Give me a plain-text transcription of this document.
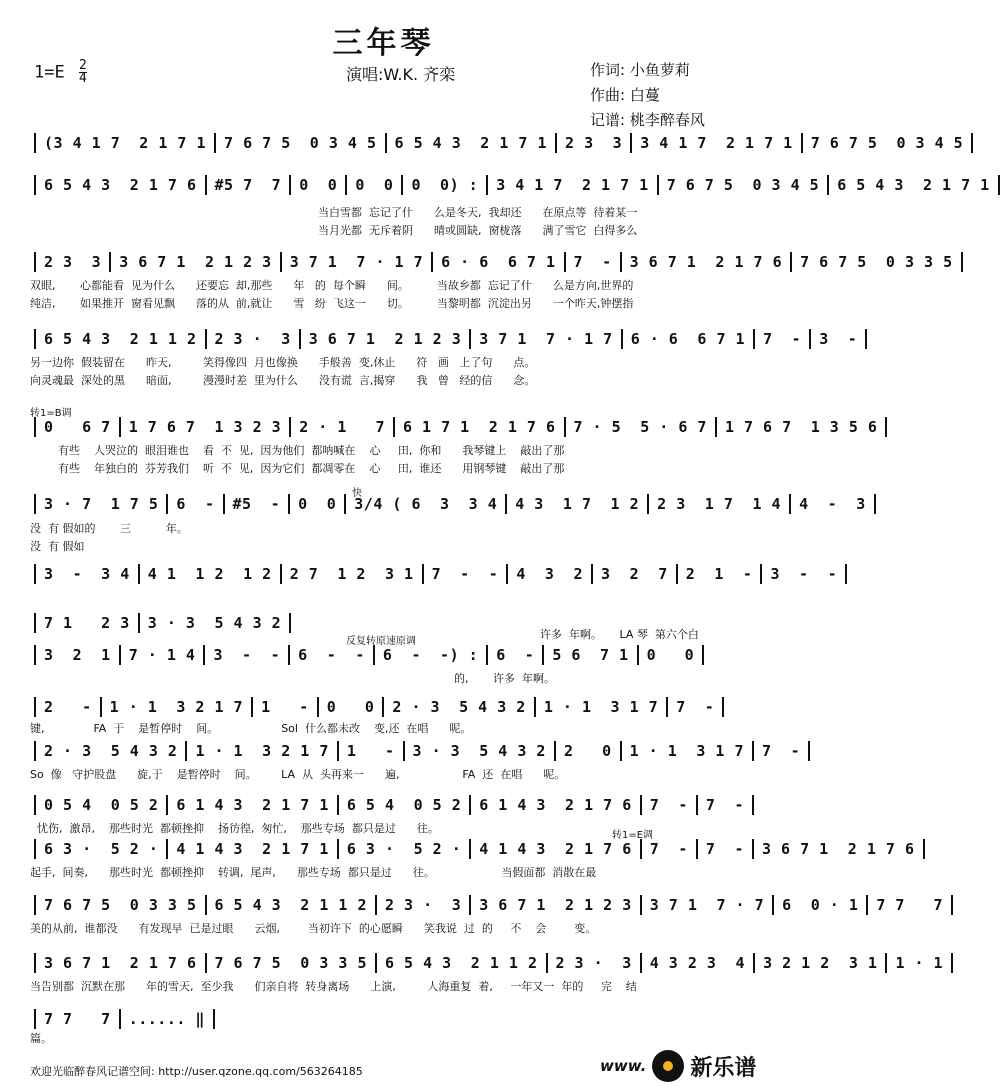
三年琴
$1=E \frac{2}{4}$	演唱:W.K. 齐栾	作词: 小鱼萝莉
作曲: 白蔓
记谱: 桃李醉春风
(3 4 1 7  2 1 7 1 7 6 7 5  0 3 4 5 6 5 4 3  2 1 7 1 2 3  3 3 4 1 7  2 1 7 1 7 6 7 5  0 3 4 5
6 5 4 3  2 1 7 6 #5 7  7 0  0 0  0 0  0) : 3 4 1 7  2 1 7 1 7 6 7 5  0 3 4 5 6 5 4 3  2 1 7 1
2 3  3 3 6 7 1  2 1 2 3 3 7 1  7 · 1 7 6 · 6  6 7 1 7  - 3 6 7 1  2 1 7 6 7 6 7 5  0 3 3 5
6 5 4 3  2 1 1 2 2 3 ·  3 3 6 7 1  2 1 2 3 3 7 1  7 · 1 7 6 · 6  6 7 1 7  - 3  -
0   6 7 1 7 6 7  1 3 2 3 2 · 1   7 6 1 7 1  2 1 7 6 7 · 5  5 · 6 7 1 7 6 7  1 3 5 6
3 · 7  1 7 5 6  - #5  - 0  0 3/4 ( 6  3  3 4 4 3  1 7  1 2 2 3  1 7  1 4 4  -  3
3  -  3 4 4 1  1 2  1 2 2 7  1 2  3 1 7  -  - 4  3  2 3  2  7 2  1  - 3  -  -
7 1   2 3 3 · 3  5 4 3 2
3  2  1 7 · 1 4 3  -  - 6  -  - 6  -  -) : 6  - 5 6  7 1 0   0
2   - 1 · 1  3 2 1 7 1   - 0   0 2 · 3  5 4 3 2 1 · 1  3 1 7 7  -
2 · 3  5 4 3 2 1 · 1  3 2 1 7 1   - 3 · 3  5 4 3 2 2   0 1 · 1  3 1 7 7  -
0 5 4  0 5 2 6 1 4 3  2 1 7 1 6 5 4  0 5 2 6 1 4 3  2 1 7 6 7  - 7  -
6 3 ·  5 2 · 4 1 4 3  2 1 7 1 6 3 ·  5 2 · 4 1 4 3  2 1 7 6 7  - 7  - 3 6 7 1  2 1 7 6
7 6 7 5  0 3 3 5 6 5 4 3  2 1 1 2 2 3 ·  3 3 6 7 1  2 1 2 3 3 7 1  7 · 7 6  0 · 1 7 7   7
3 6 7 1  2 1 7 6 7 6 7 5  0 3 3 5 6 5 4 3  2 1 1 2 2 3 ·  3 4 3 2 3  4 3 2 1 2  3 1 1 · 1
7 7   7 ...... ‖
当白雪都  忘记了什      么是冬天,  我却还      在原点等  待着某一
当月光都  无斥着阴      晴或圆缺,  窗栊落      满了雪它  白得多么
双眼,       心都能看  见为什么      还要忘  却,那些      年   的  每个瞬      间。        当故乡都  忘记了什      么是方向,世界的
纯洁,       如果推开  窗看见飘      落的从  前,就让      雪   纷  飞这一      切。        当黎明都  沉淀出另      一个昨天,钟摆指
另一边你  假装留在      昨天,         笑得像四  月也像换      手般善  变,休止      符   画   上了句      点。
向灵魂最  深处的黑      暗面,         漫漫时差  里为什么      没有谎  言,揭穿      我   曾   经的信      念。
有些    人哭泣的  眼泪谁也    看  不  见,  因为他们  都呐喊在    心     田,  你和      我琴键上    敲出了那
有些    年独白的  芬芳我们    听  不  见,  因为它们  都凋零在    心     田,  谁还      用钢琴键    敲出了那
没  有 假如的       三          年。
没  有 假如
许多  年啊。     LA 琴  第六个白
的,       许多  年啊。
键,              FA  于    是暂停时    间。                  Sol  什么都未改    变,还  在唱      呢。
So  像   守护股盘      旋,于    是暂停时    间。       LA  从  头再来一      遍,                  FA  还  在唱      呢。
忧伤,  激昂,    那些时光  都顿挫抑    扬彷徨,  匆忙,    那些专场  都只是过      往。
起手,  间奏,      那些时光  都顿挫抑    转调,  尾声,      那些专场  都只是过      往。                   当假面都  消散在最
美的从前,  谁都没      有发现早  已是过眼      云烟,        当初许下  的心愿瞬      笑我说  过  的     不    会        变。
当告别都  沉默在那      年的雪天,  至少我      们亲自将  转身离场      上演,         人海重复  着,     一年又一  年的     完    结
篇。
转1=B调
快
反复转原速原调
转1=E调
欢迎光临醉春风记谱空间: http://user.qzone.qq.com/563264185	www. 新乐谱
